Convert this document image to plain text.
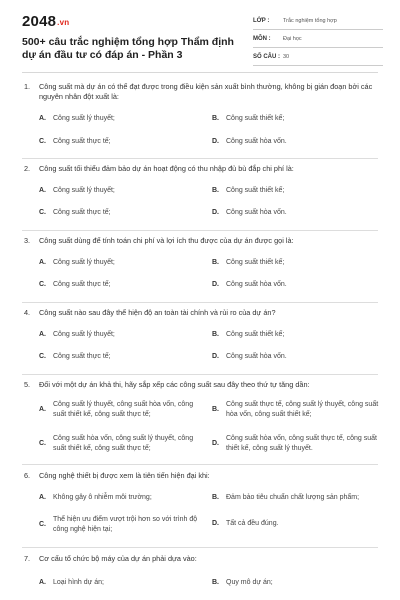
2048.vn
500+ câu trắc nghiệm tổng hợp Thẩm định dự án đầu tư có đáp án - Phần 3
LỚP :	Trắc nghiệm tổng hợp
MÔN :	Đại học
SỐ CÂU : 30
1. Công suất mà dự án có thể đạt được trong điều kiện sản xuất bình thường, không bị gián đoạn bởi các nguyên nhân đột xuất là:
A.	Công suất lý thuyết;	B.	Công suất thiết kế;
C.	Công suất thực tế;	D.	Công suất hòa vốn.
2. Công suất tối thiểu đảm bảo dự án hoạt động có thu nhập đủ bù đắp chi phí là:
A.	Công suất lý thuyết;	B.	Công suất thiết kế;
C.	Công suất thực tế;	D.	Công suất hòa vốn.
3. Công suất dùng để tính toán chi phí và lợi ích thu được của dự án được gọi là:
A.	Công suất lý thuyết;	B.	Công suất thiết kế;
C.	Công suất thực tế;	D.	Công suất hòa vốn.
4. Công suất nào sau đây thể hiện độ an toàn tài chính và rủi ro của dự án?
A.	Công suất lý thuyết;	B.	Công suất thiết kế;
C.	Công suất thực tế;	D.	Công suất hòa vốn.
5. Đối với một dự án khả thi, hãy sắp xếp các công suất sau đây theo thứ tự tăng dần:
A.
Công suất lý thuyết, công suất hòa vốn, công suất thiết kế, công suất thực tế;
B.
Công suất thực tế, công suất lý thuyết, công suất hòa vốn, công suất thiết kế;
C.
Công suất hòa vốn, công suất lý thuyết, công suất thiết kế, công suất thực tế;
D.
Công suất hòa vốn, công suất thực tế, công suất thiết kế, công suất lý thuyết.
6. Công nghệ thiết bị được xem là tiên tiến hiện đại khi:
A.	Không gây ô nhiễm môi trường;	B.	Đảm bảo tiêu chuẩn chất lượng sản phẩm;
C.
Thể hiện ưu điểm vượt trội hơn so với trình độ công nghệ hiện tại;
D.	Tất cả đều đúng.
7. Cơ cấu tổ chức bộ máy của dự án phải dựa vào:
A.	Loại hình dự án;	B.	Quy mô dự án;
